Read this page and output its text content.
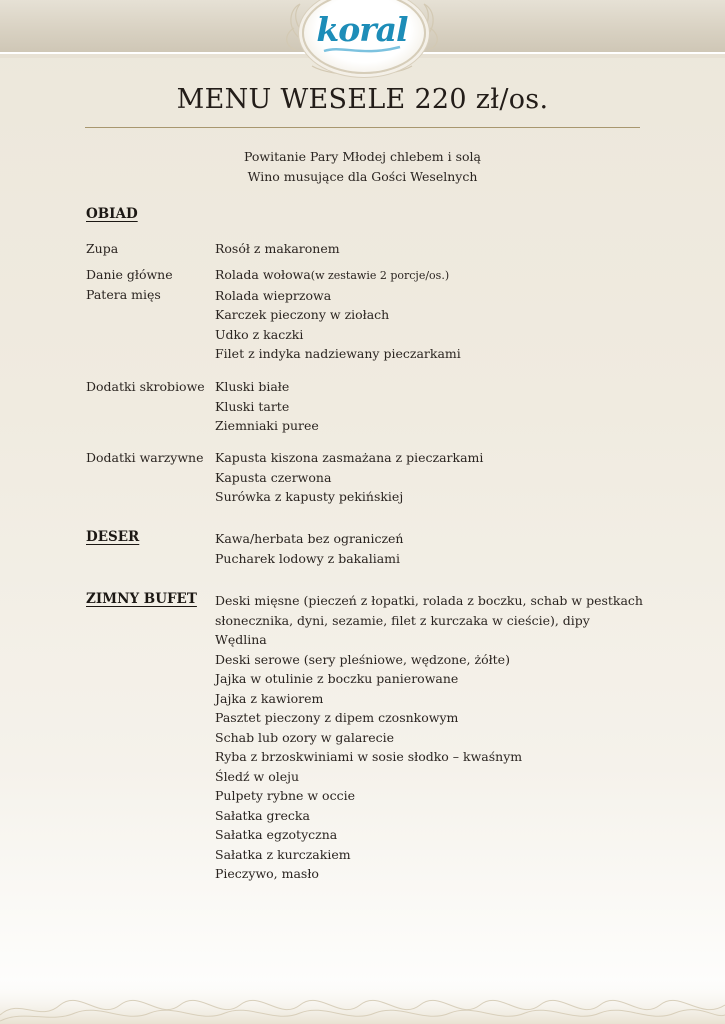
koral
MENU WESELE 220 zł/os.
Powitanie Pary Młodej chlebem i solą
Wino musujące dla Gości Weselnych
OBIAD
Zupa	Rosół z makaronem
Danie główne
Patera mięs
Rolada wołowa(w zestawie 2 porcje/os.)
Rolada wieprzowa
Karczek pieczony w ziołach
Udko z kaczki
Filet z indyka nadziewany pieczarkami
Dodatki skrobiowe Kluski białe
Kluski tarte
Ziemniaki puree
Dodatki warzywne Kapusta kiszona zasmażana z pieczarkami
Kapusta czerwona
Surówka z kapusty pekińskiej
DESER	Kawa/herbata bez ograniczeń
Pucharek lodowy z bakaliami
ZIMNY BUFET Deski mięsne (pieczeń z łopatki, rolada z boczku, schab w pestkach
słonecznika, dyni, sezamie, filet z kurczaka w cieście), dipy
Wędlina
Deski serowe (sery pleśniowe, wędzone, żółte)
Jajka w otulinie z boczku panierowane
Jajka z kawiorem
Pasztet pieczony z dipem czosnkowym
Schab lub ozory w galarecie
Ryba z brzoskwiniami w sosie słodko – kwaśnym
Śledź w oleju
Pulpety rybne w occie
Sałatka grecka
Sałatka egzotyczna
Sałatka z kurczakiem
Pieczywo, masło
